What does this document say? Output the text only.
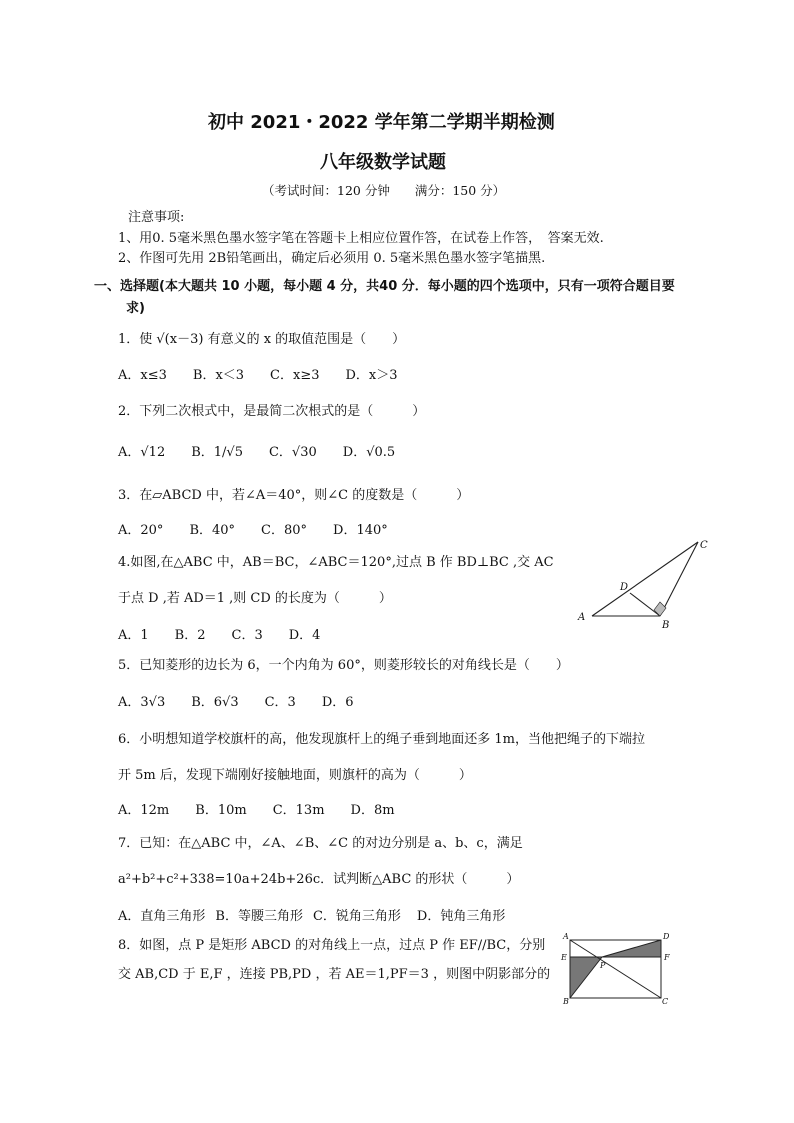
初中 2021・2022 学年第二学期半期检测
八年级数学试题
（考试时间：120 分钟　　满分：150 分）
注意事项:
1、用0. 5毫米黑色墨水签字笔在答题卡上相应位置作答，在试卷上作答，　答案无效.
2、作图可先用 2B铅笔画出，确定后必须用 0. 5毫米黑色墨水签字笔描黑.
一、选择题(本大题共 10 小题，每小题 4 分，共40 分．每小题的四个选项中，只有一项符合题目要
求)
1．使 √(x－3) 有意义的 x 的取值范围是（　　）
A．x≤3 B．x＜3 C．x≥3 D．x＞3
2．下列二次根式中，是最简二次根式的是（　　　）
A．√12 B．1/√5 C．√30 D．√0.5
3．在▱ABCD 中，若∠A＝40°，则∠C 的度数是（　　　）
A．20° B．40° C．80° D．140°
4.如图,在△ABC 中，AB＝BC，∠ABC＝120°,过点 B 作 BD⊥BC ,交 AC
于点 D ,若 AD＝1 ,则 CD 的长度为（　　　）
A．1 B．2 C．3 D．4
A
B
C
D
5．已知菱形的边长为 6，一个内角为 60°，则菱形较长的对角线长是（　　）
A．3√3 B．6√3 C．3 D．6
6．小明想知道学校旗杆的高，他发现旗杆上的绳子垂到地面还多 1m，当他把绳子的下端拉
开 5m 后，发现下端刚好接触地面，则旗杆的高为（　　　）
A．12m B．10m C．13m D．8m
7．已知：在△ABC 中，∠A、∠B、∠C 的对边分别是 a、b、c，满足
a²+b²+c²+338=10a+24b+26c．试判断△ABC 的形状（　　　）
A．直角三角形 B．等腰三角形 C．锐角三角形 D．钝角三角形
8．如图，点 P 是矩形 ABCD 的对角线上一点，过点 P 作 EF//BC，分别
交 AB,CD 于 E,F ，连接 PB,PD ，若 AE＝1,PF＝3 ，则图中阴影部分的
A
B	C
D
E	F
P
